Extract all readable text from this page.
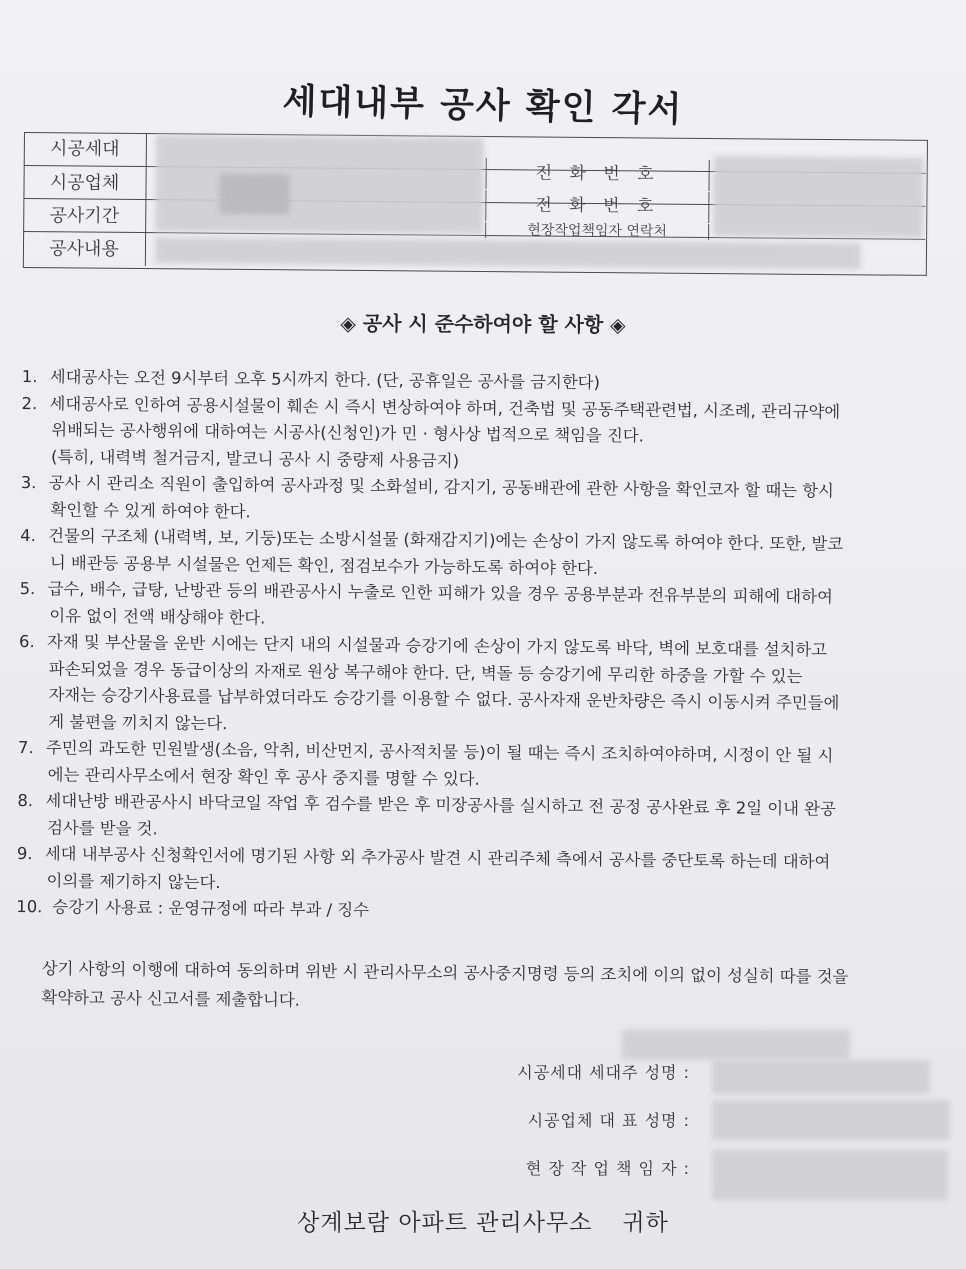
세대내부 공사 확인 각서
시공세대
시공업체
공사기간
공사내용
전 화 번 호
전 화 번 호
현장작업책임자 연락처
◈ 공사 시 준수하여야 할 사항 ◈
1. 세대공사는 오전 9시부터 오후 5시까지 한다. (단, 공휴일은 공사를 금지한다)
2. 세대공사로 인하여 공용시설물이 훼손 시 즉시 변상하여야 하며, 건축법 및 공동주택관련법, 시조례, 관리규약에
위배되는 공사행위에 대하여는 시공사(신청인)가 민 · 형사상 법적으로 책임을 진다.
(특히, 내력벽 철거금지, 발코니 공사 시 중량제 사용금지)
3. 공사 시 관리소 직원이 출입하여 공사과정 및 소화설비, 감지기, 공동배관에 관한 사항을 확인코자 할 때는 항시
확인할 수 있게 하여야 한다.
4. 건물의 구조체 (내력벽, 보, 기둥)또는 소방시설물 (화재감지기)에는 손상이 가지 않도록 하여야 한다. 또한, 발코
니 배관등 공용부 시설물은 언제든 확인, 점검보수가 가능하도록 하여야 한다.
5. 급수, 배수, 급탕, 난방관 등의 배관공사시 누출로 인한 피해가 있을 경우 공용부분과 전유부분의 피해에 대하여
이유 없이 전액 배상해야 한다.
6. 자재 및 부산물을 운반 시에는 단지 내의 시설물과 승강기에 손상이 가지 않도록 바닥, 벽에 보호대를 설치하고
파손되었을 경우 동급이상의 자재로 원상 복구해야 한다. 단, 벽돌 등 승강기에 무리한 하중을 가할 수 있는
자재는 승강기사용료를 납부하였더라도 승강기를 이용할 수 없다. 공사자재 운반차량은 즉시 이동시켜 주민들에
게 불편을 끼치지 않는다.
7. 주민의 과도한 민원발생(소음, 악취, 비산먼지, 공사적치물 등)이 될 때는 즉시 조치하여야하며, 시정이 안 될 시
에는 관리사무소에서 현장 확인 후 공사 중지를 명할 수 있다.
8. 세대난방 배관공사시 바닥코일 작업 후 검수를 받은 후 미장공사를 실시하고 전 공정 공사완료 후 2일 이내 완공
검사를 받을 것.
9. 세대 내부공사 신청확인서에 명기된 사항 외 추가공사 발견 시 관리주체 측에서 공사를 중단토록 하는데 대하여
이의를 제기하지 않는다.
10. 승강기 사용료 : 운영규정에 따라 부과 / 징수
상기 사항의 이행에 대하여 동의하며 위반 시 관리사무소의 공사중지명령 등의 조치에 이의 없이 성실히 따를 것을
확약하고 공사 신고서를 제출합니다.
시공세대 세대주 성명 :
시공업체 대 표 성명 :
현 장 작 업 책 임 자 :
상계보람 아파트 관리사무소 귀하
